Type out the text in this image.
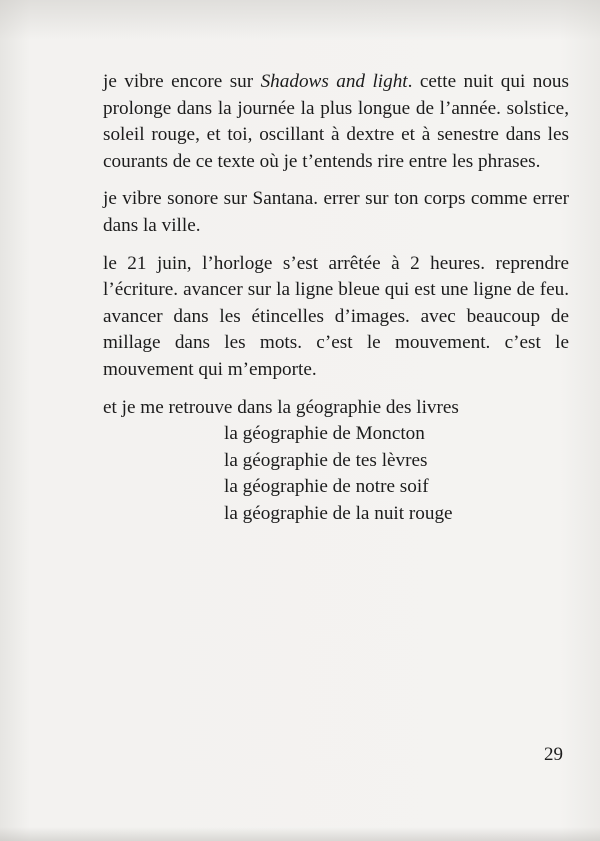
je vibre encore sur Shadows and light. cette nuit qui nous prolonge dans la journée la plus longue de l’année. solstice, soleil rouge, et toi, oscillant à dextre et à senestre dans les courants de ce texte où je t’entends rire entre les phrases.

je vibre sonore sur Santana. errer sur ton corps comme errer dans la ville.

le 21 juin, l’horloge s’est arrêtée à 2 heures. reprendre l’écriture. avancer sur la ligne bleue qui est une ligne de feu. avancer dans les étincelles d’images. avec beaucoup de millage dans les mots. c’est le mouvement. c’est le mouvement qui m’emporte.

et je me retrouve dans la géographie des livres

la géographie de Moncton
la géographie de tes lèvres
la géographie de notre soif
la géographie de la nuit rouge
29
